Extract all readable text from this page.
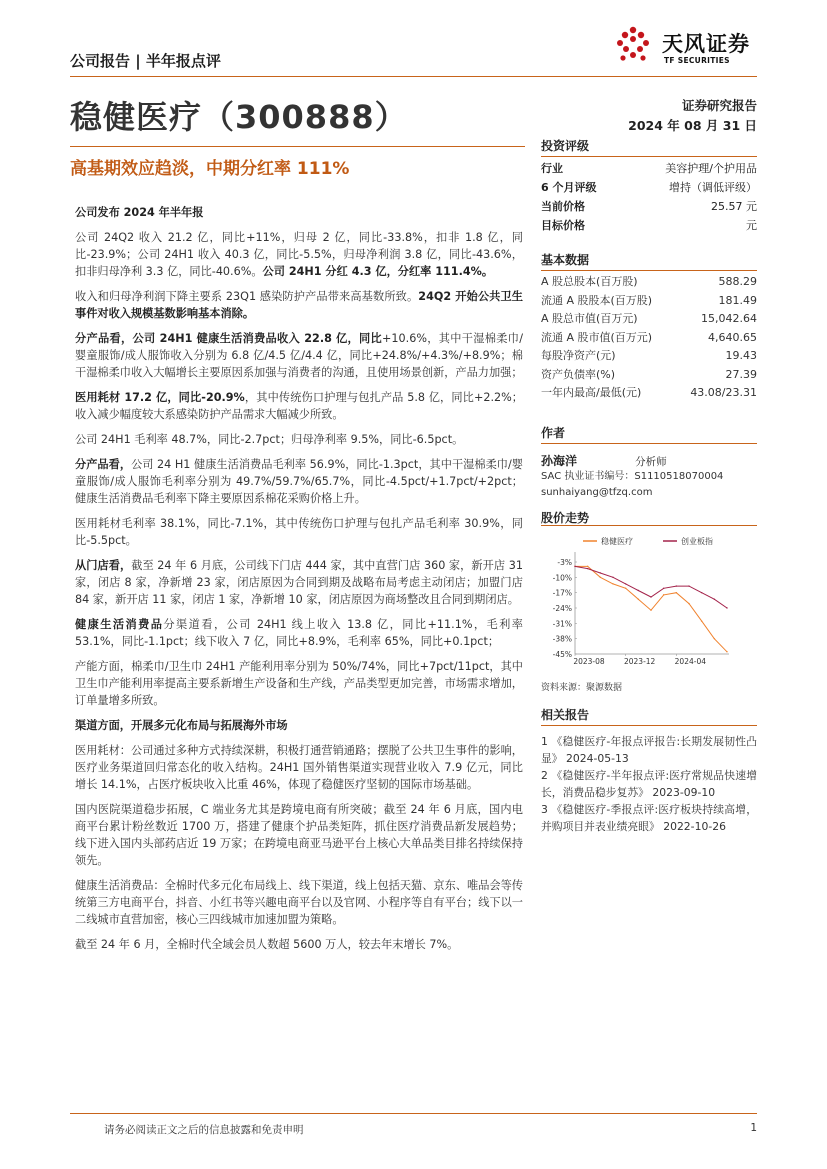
公司报告 | 半年报点评
天风证券
TF SECURITIES
稳健医疗（300888）	证券研究报告
2024 年 08 月 31 日
高基期效应趋淡，中期分红率 111%
公司发布 2024 年半年报
公司 24Q2 收入 21.2 亿，同比+11%，归母 2 亿，同比-33.8%，扣非 1.8 亿，同比-23.9%；公司 24H1 收入 40.3 亿，同比-5.5%，归母净利润 3.8 亿，同比-43.6%，扣非归母净利 3.3 亿，同比-40.6%。公司 24H1 分红 4.3 亿，分红率 111.4%。
收入和归母净利润下降主要系 23Q1 感染防护产品带来高基数所致。24Q2 开始公共卫生事件对收入规模基数影响基本消除。
分产品看，公司 24H1 健康生活消费品收入 22.8 亿，同比+10.6%，其中干湿棉柔巾/婴童服饰/成人服饰收入分别为 6.8 亿/4.5 亿/4.4 亿，同比+24.8%/+4.3%/+8.9%；棉干湿棉柔巾收入大幅增长主要原因系加强与消费者的沟通，且使用场景创新，产品力加强；
医用耗材 17.2 亿，同比-20.9%，其中传统伤口护理与包扎产品 5.8 亿，同比+2.2%；收入减少幅度较大系感染防护产品需求大幅减少所致。
公司 24H1 毛利率 48.7%，同比-2.7pct；归母净利率 9.5%，同比-6.5pct。
分产品看，公司 24 H1 健康生活消费品毛利率 56.9%，同比-1.3pct，其中干湿棉柔巾/婴童服饰/成人服饰毛利率分别为 49.7%/59.7%/65.7%，同比-4.5pct/+1.7pct/+2pct；健康生活消费品毛利率下降主要原因系棉花采购价格上升。
医用耗材毛利率 38.1%，同比-7.1%，其中传统伤口护理与包扎产品毛利率 30.9%，同比-5.5pct。
从门店看，截至 24 年 6 月底，公司线下门店 444 家，其中直营门店 360 家，新开店 31 家，闭店 8 家，净新增 23 家，闭店原因为合同到期及战略布局考虑主动闭店；加盟门店 84 家，新开店 11 家，闭店 1 家，净新增 10 家，闭店原因为商场整改且合同到期闭店。
健康生活消费品分渠道看，公司 24H1 线上收入 13.8 亿，同比+11.1%，毛利率 53.1%，同比-1.1pct；线下收入 7 亿，同比+8.9%，毛利率 65%，同比+0.1pct；
产能方面，棉柔巾/卫生巾 24H1 产能利用率分别为 50%/74%，同比+7pct/11pct，其中卫生巾产能利用率提高主要系新增生产设备和生产线，产品类型更加完善，市场需求增加，订单量增多所致。
渠道方面，开展多元化布局与拓展海外市场
医用耗材：公司通过多种方式持续深耕，积极打通营销通路；摆脱了公共卫生事件的影响，医疗业务渠道回归常态化的收入结构。24H1 国外销售渠道实现营业收入 7.9 亿元，同比增长 14.1%，占医疗板块收入比重 46%，体现了稳健医疗坚韧的国际市场基础。
国内医院渠道稳步拓展，C 端业务尤其是跨境电商有所突破；截至 24 年 6 月底，国内电商平台累计粉丝数近 1700 万，搭建了健康个护品类矩阵，抓住医疗消费品新发展趋势；线下进入国内头部药店近 19 万家；在跨境电商亚马逊平台上核心大单品类目排名持续保持领先。
健康生活消费品：全棉时代多元化布局线上、线下渠道，线上包括天猫、京东、唯品会等传统第三方电商平台，抖音、小红书等兴趣电商平台以及官网、小程序等自有平台；线下以一二线城市直营加密，核心三四线城市加速加盟为策略。
截至 24 年 6 月，全棉时代全域会员人数超 5600 万人，较去年末增长 7%。
投资评级
行业	美容护理/个护用品
6 个月评级	增持（调低评级）
当前价格	25.57 元
目标价格	元
基本数据
A 股总股本(百万股)	588.29
流通 A 股股本(百万股)	181.49
A 股总市值(百万元)	15,042.64
流通 A 股市值(百万元)	4,640.65
每股净资产(元)	19.43
资产负债率(%)	27.39
一年内最高/最低(元)	43.08/23.31
作者
孙海洋	分析师
SAC 执业证书编号：S1110518070004
sunhaiyang@tfzq.com
股价走势
-3%
-10%
-17%
-24%
-31%
-38%
-45%
2023-08	2023-12	2024-04
稳健医疗	创业板指
资料来源：聚源数据
相关报告
1 《稳健医疗-年报点评报告:长期发展韧性凸显》 2024-05-13
2 《稳健医疗-半年报点评:医疗常规品快速增长，消费品稳步复苏》 2023-09-10
3 《稳健医疗-季报点评:医疗板块持续高增，并购项目并表业绩亮眼》 2022-10-26
请务必阅读正文之后的信息披露和免责申明	1
